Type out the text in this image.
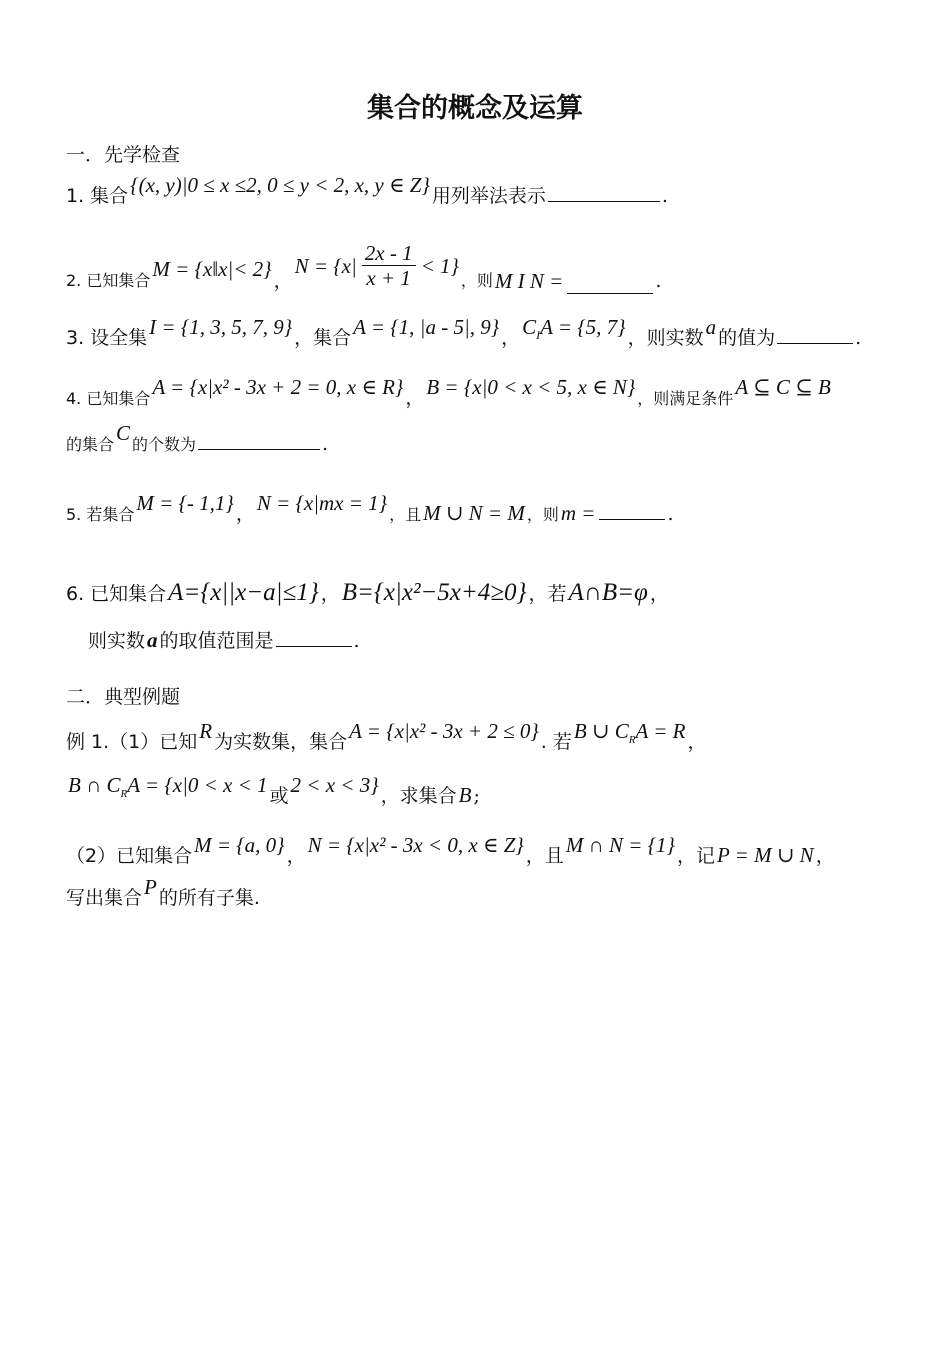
集合的概念及运算
一．先学检查
1. 集合{(x, y)|0 ≤ x ≤2, 0 ≤ y < 2, x, y ∈ Z} 用列举法表示	.
2. 已知集合 M = {x‖x|< 2} ，
$N = \{x| \frac{2x - 1}{x + 1} < 1\}$
，则 M I N =	.
3. 设全集I = {1, 3, 5, 7, 9} ，集合A = {1, |a - 5|, 9} ，$C_IA = \{5$, 7} ，则实数a 的值为	.
4. 已知集合A = {x|x² - 3x + 2 = 0, x ∈ R} ，B = {x|0 < x < 5, x ∈ N} ，则满足条件A ⊆ C ⊆ B
的集合C 的个数为	.
5. 若集合M = {- 1,1} ，N = {x|mx = 1} ，且M ∪ N = M ，则m =	.
6. 已知集合A={x||x−a|≤1} ，B={x|x²−5x+4≥0} ，若A∩B=φ ，
则实数a 的取值范围是	.
二．典型例题
例 1.（1）已知R 为实数集，集合A = {x|x² - 3x + 2 ≤ 0} . 若B ∪ $C_RA = R$ ，
B ∩ $C_RA = \{x|0 < x < 1$ 或2 < x < 3} ，求集合B ;
（2）已知集合M = {a, 0} ，N = {x|x² - 3x < 0, x ∈ Z} ，且M ∩ N = {1} ，记P = M ∪ N ，
写出集合P 的所有子集.
